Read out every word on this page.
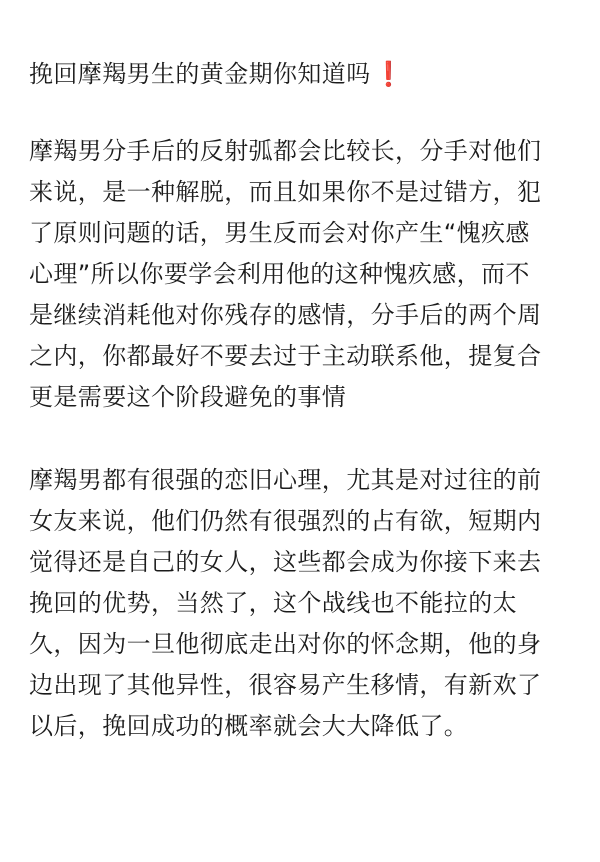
挽回摩羯男生的黄金期你知道吗 ❗

摩羯男分手后的反射弧都会比较长，分手对他们
来说，是一种解脱，而且如果你不是过错方，犯
了原则问题的话，男生反而会对你产生“愧疚感
心理”所以你要学会利用他的这种愧疚感，而不
是继续消耗他对你残存的感情，分手后的两个周
之内，你都最好不要去过于主动联系他，提复合
更是需要这个阶段避免的事情

摩羯男都有很强的恋旧心理，尤其是对过往的前
女友来说，他们仍然有很强烈的占有欲，短期内
觉得还是自己的女人，这些都会成为你接下来去
挽回的优势，当然了，这个战线也不能拉的太
久，因为一旦他彻底走出对你的怀念期，他的身
边出现了其他异性，很容易产生移情，有新欢了
以后，挽回成功的概率就会大大降低了。
